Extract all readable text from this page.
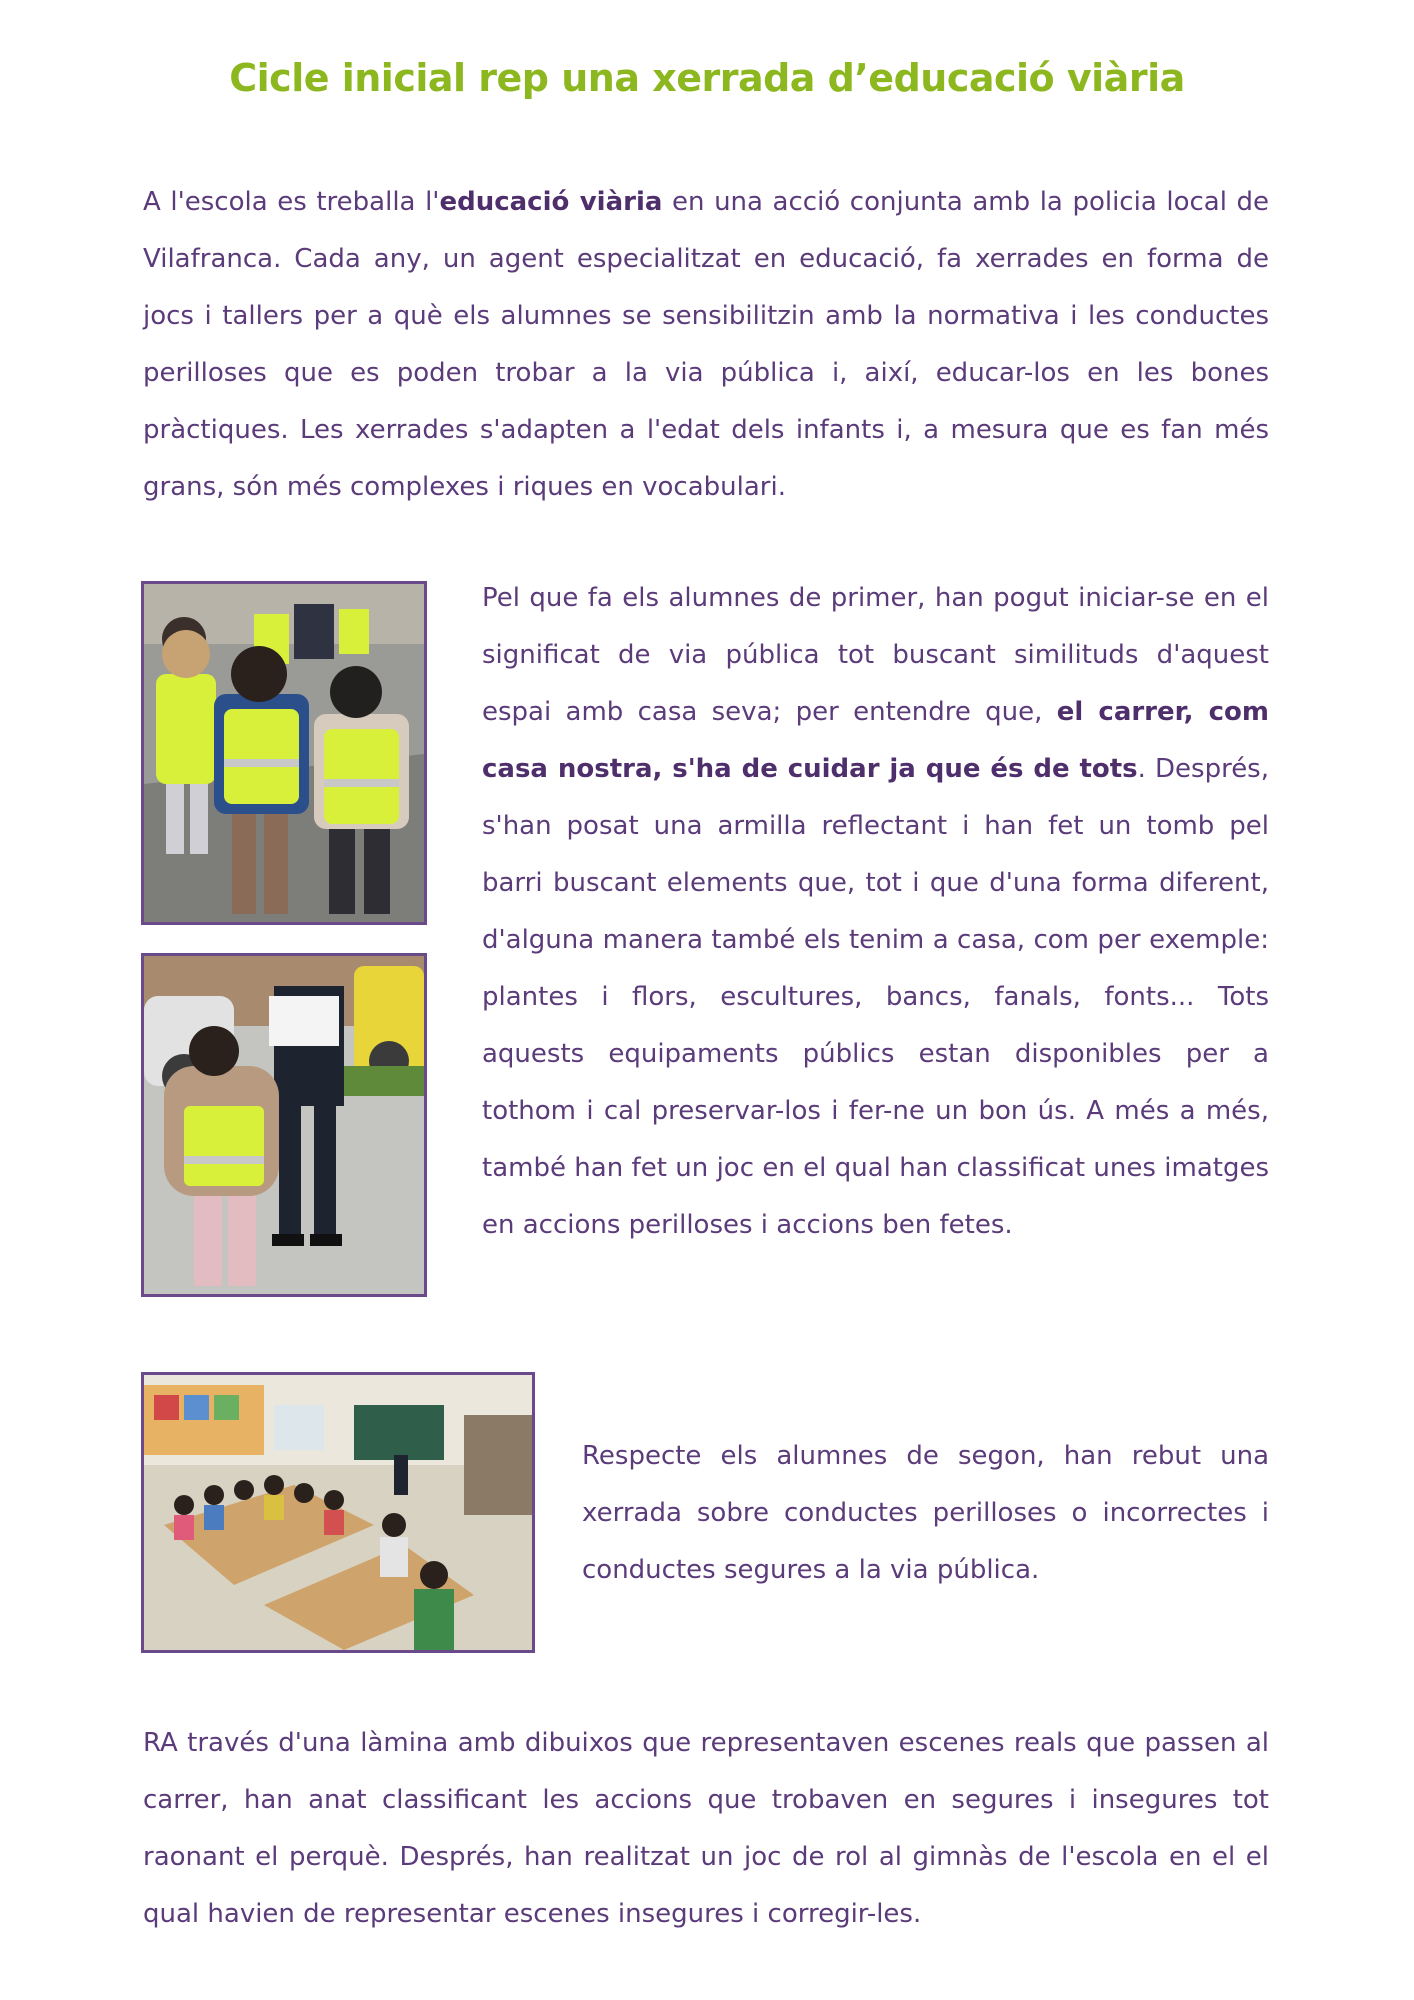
Cicle inicial rep una xerrada d’educació viària

A l'escola es treballa l'educació viària en una acció conjunta amb la policia local de Vilafranca. Cada any, un agent especialitzat en educació, fa xerrades en forma de jocs i tallers per a què els alumnes se sensibilitzin amb la normativa i les conductes perilloses que es poden trobar a la via pública i, així, educar-los en les bones pràctiques. Les xerrades s'adapten a l'edat dels infants i, a mesura que es fan més grans, són més complexes i riques en vocabulari.

Pel que fa els alumnes de primer, han pogut iniciar-se en el significat de via pública tot buscant similituds d'aquest espai amb casa seva; per entendre que, el carrer, com casa nostra, s'ha de cuidar ja que és de tots. Després, s'han posat una armilla reflectant i han fet un tomb pel barri buscant elements que, tot i que d'una forma diferent, d'alguna manera també els tenim a casa, com per exemple: plantes i flors, escultures, bancs, fanals, fonts... Tots aquests equipaments públics estan disponibles per a tothom i cal preservar-los i fer-ne un bon ús. A més a més, també han fet un joc en el qual han classificat unes imatges en accions perilloses i accions ben fetes.

Respecte els alumnes de segon, han rebut una xerrada sobre conductes perilloses o incorrectes i conductes segures a la via pública.

RA través d'una làmina amb dibuixos que representaven escenes reals que passen al carrer, han anat classificant les accions que trobaven en segures i insegures tot raonant el perquè. Després, han realitzat un joc de rol al gimnàs de l'escola en el el qual havien de representar escenes insegures i corregir-les.
